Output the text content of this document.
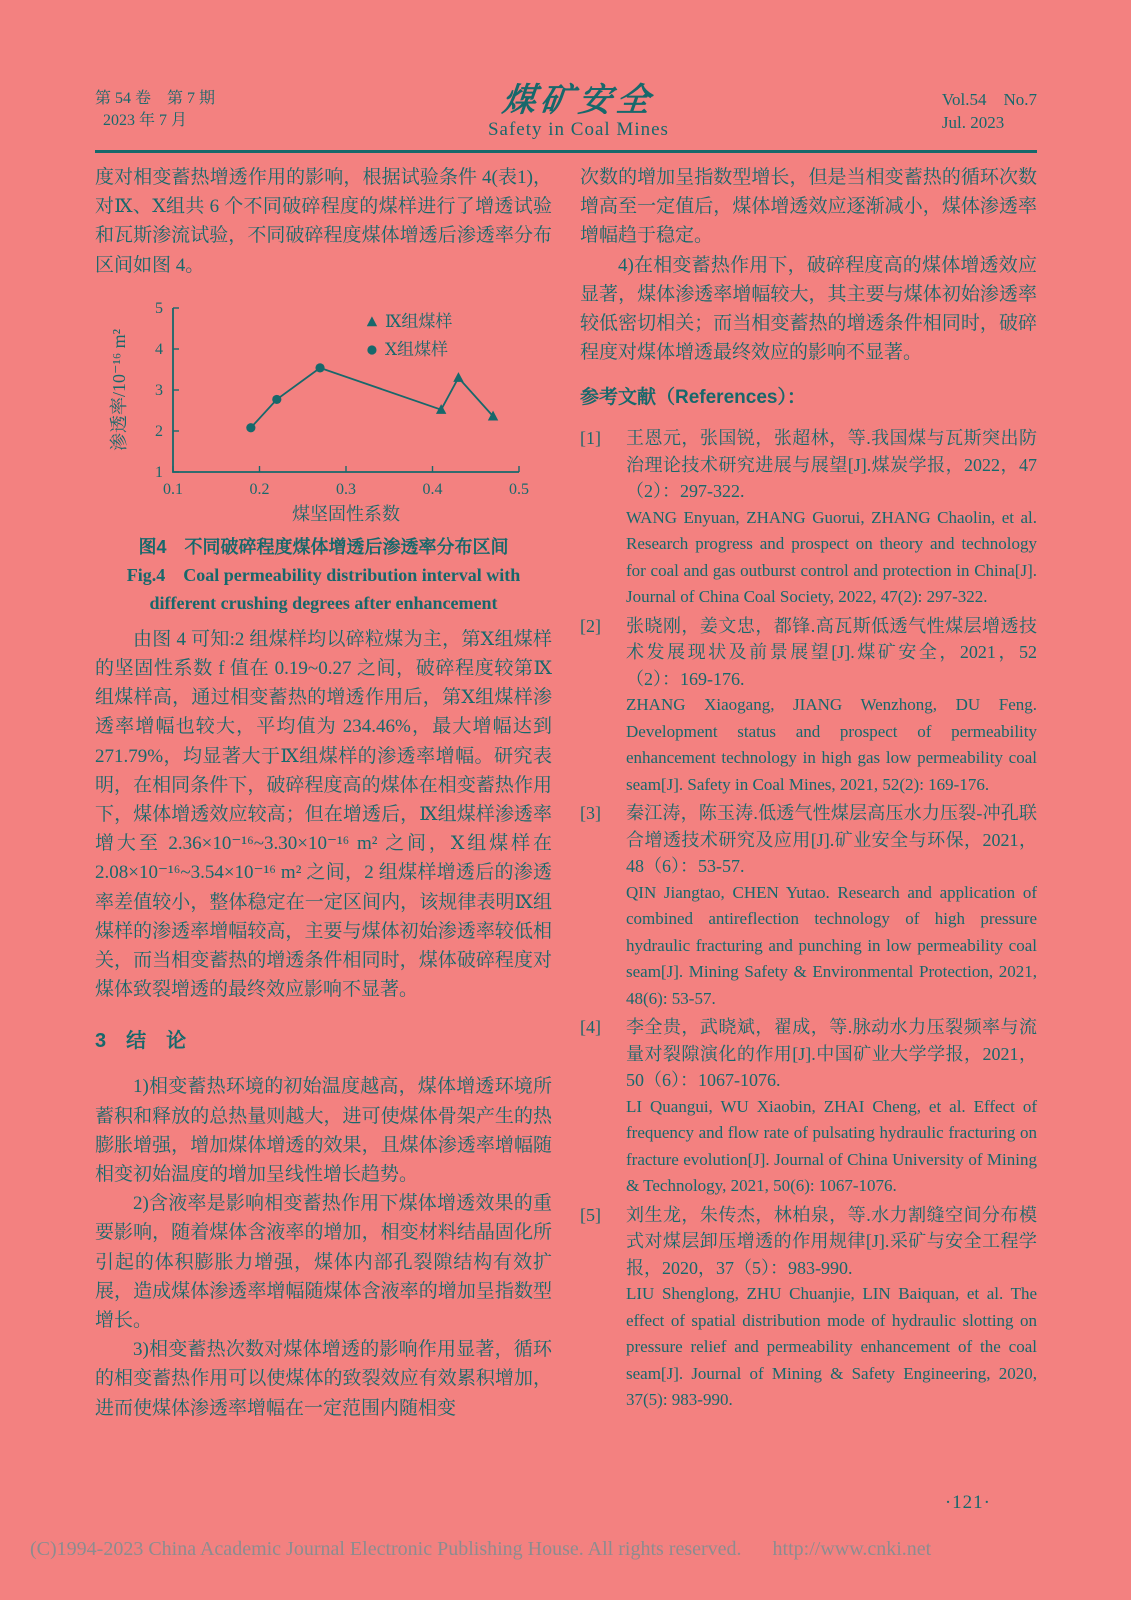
第 54 卷　第 7 期
2023 年 7 月
煤矿安全
Safety in Coal Mines
Vol.54　No.7
Jul. 2023

度对相变蓄热增透作用的影响，根据试验条件 4(表1)，对Ⅸ、Ⅹ组共 6 个不同破碎程度的煤样进行了增透试验和瓦斯渗流试验，不同破碎程度煤体增透后渗透率分布区间如图 4。

0.1	0.2	0.3	0.4	0.5
1
2
3
4
5
煤坚固性系数
渗透率/10⁻¹⁶ m²
Ⅸ组煤样
Ⅹ组煤样
图4　不同破碎程度煤体增透后渗透率分布区间
Fig.4　Coal permeability distribution interval with different crushing degrees after enhancement

由图 4 可知:2 组煤样均以碎粒煤为主，第Ⅹ组煤样的坚固性系数 f 值在 0.19~0.27 之间，破碎程度较第Ⅸ组煤样高，通过相变蓄热的增透作用后，第Ⅹ组煤样渗透率增幅也较大，平均值为 234.46%，最大增幅达到 271.79%，均显著大于Ⅸ组煤样的渗透率增幅。研究表明，在相同条件下，破碎程度高的煤体在相变蓄热作用下，煤体增透效应较高；但在增透后，Ⅸ组煤样渗透率增大至 2.36×10⁻¹⁶~3.30×10⁻¹⁶ m² 之间，Ⅹ组煤样在 2.08×10⁻¹⁶~3.54×10⁻¹⁶ m² 之间，2 组煤样增透后的渗透率差值较小，整体稳定在一定区间内，该规律表明Ⅸ组煤样的渗透率增幅较高，主要与煤体初始渗透率较低相关，而当相变蓄热的增透条件相同时，煤体破碎程度对煤体致裂增透的最终效应影响不显著。

3　结　论

1)相变蓄热环境的初始温度越高，煤体增透环境所蓄积和释放的总热量则越大，进可使煤体骨架产生的热膨胀增强，增加煤体增透的效果，且煤体渗透率增幅随相变初始温度的增加呈线性增长趋势。

2)含液率是影响相变蓄热作用下煤体增透效果的重要影响，随着煤体含液率的增加，相变材料结晶固化所引起的体积膨胀力增强，煤体内部孔裂隙结构有效扩展，造成煤体渗透率增幅随煤体含液率的增加呈指数型增长。

3)相变蓄热次数对煤体增透的影响作用显著，循环的相变蓄热作用可以使煤体的致裂效应有效累积增加，进而使煤体渗透率增幅在一定范围内随相变

次数的增加呈指数型增长，但是当相变蓄热的循环次数增高至一定值后，煤体增透效应逐渐减小，煤体渗透率增幅趋于稳定。

4)在相变蓄热作用下，破碎程度高的煤体增透效应显著，煤体渗透率增幅较大，其主要与煤体初始渗透率较低密切相关；而当相变蓄热的增透条件相同时，破碎程度对煤体增透最终效应的影响不显著。

参考文献（References）：
[1]	王恩元，张国锐，张超林，等.我国煤与瓦斯突出防治理论技术研究进展与展望[J].煤炭学报，2022，47（2）：297-322.

WANG Enyuan, ZHANG Guorui, ZHANG Chaolin, et al. Research progress and prospect on theory and technology for coal and gas outburst control and protection in China[J]. Journal of China Coal Society, 2022, 47(2): 297-322.

[2]	张晓刚，姜文忠，都锋.高瓦斯低透气性煤层增透技术发展现状及前景展望[J].煤矿安全，2021，52（2）：169-176.

ZHANG Xiaogang, JIANG Wenzhong, DU Feng. Development status and prospect of permeability enhancement technology in high gas low permeability coal seam[J]. Safety in Coal Mines, 2021, 52(2): 169-176.

[3]	秦江涛，陈玉涛.低透气性煤层高压水力压裂-冲孔联合增透技术研究及应用[J].矿业安全与环保，2021，48（6）：53-57.

QIN Jiangtao, CHEN Yutao. Research and application of combined antireflection technology of high pressure hydraulic fracturing and punching in low permeability coal seam[J]. Mining Safety & Environmental Protection, 2021, 48(6): 53-57.

[4]	李全贵，武晓斌，翟成，等.脉动水力压裂频率与流量对裂隙演化的作用[J].中国矿业大学学报，2021，50（6）：1067-1076.

LI Quangui, WU Xiaobin, ZHAI Cheng, et al. Effect of frequency and flow rate of pulsating hydraulic fracturing on fracture evolution[J]. Journal of China University of Mining & Technology, 2021, 50(6): 1067-1076.

[5]	刘生龙，朱传杰，林柏泉，等.水力割缝空间分布模式对煤层卸压增透的作用规律[J].采矿与安全工程学报，2020，37（5）：983-990.

LIU Shenglong, ZHU Chuanjie, LIN Baiquan, et al. The effect of spatial distribution mode of hydraulic slotting on pressure relief and permeability enhancement of the coal seam[J]. Journal of Mining & Safety Engineering, 2020, 37(5): 983-990.

·121·
(C)1994-2023 China Academic Journal Electronic Publishing House. All rights reserved. http://www.cnki.net
